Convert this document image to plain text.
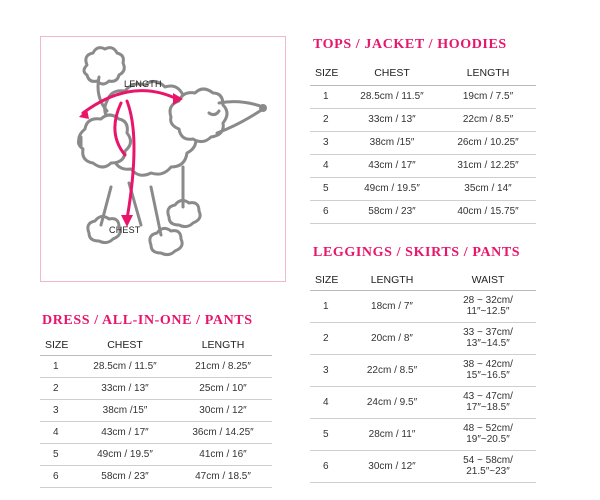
LENGTH
CHEST
TOPS / JACKET / HOODIES
SIZE	CHEST	LENGTH
1	28.5cm / 11.5″	19cm / 7.5″
2	33cm / 13″	22cm / 8.5″
3	38cm /15″	26cm / 10.25″
4	43cm / 17″	31cm / 12.25″
5	49cm / 19.5″	35cm / 14″
6	58cm / 23″	40cm / 15.75″
LEGGINGS / SKIRTS / PANTS
SIZE	LENGTH	WAIST
1	18cm / 7″	28 ~ 32cm/
11″~12.5″

2	20cm / 8″	33 ~ 37cm/
13″~14.5″

3	22cm / 8.5″	38 ~ 42cm/
15″~16.5″

4	24cm / 9.5″	43 ~ 47cm/
17″~18.5″

5	28cm / 11″	48 ~ 52cm/
19″~20.5″

6	30cm / 12″	54 ~ 58cm/
21.5″~23″
DRESS / ALL-IN-ONE / PANTS
SIZE	CHEST	LENGTH
1	28.5cm / 11.5″	21cm / 8.25″
2	33cm / 13″	25cm / 10″
3	38cm /15″	30cm / 12″
4	43cm / 17″	36cm / 14.25″
5	49cm / 19.5″	41cm / 16″
6	58cm / 23″	47cm / 18.5″
